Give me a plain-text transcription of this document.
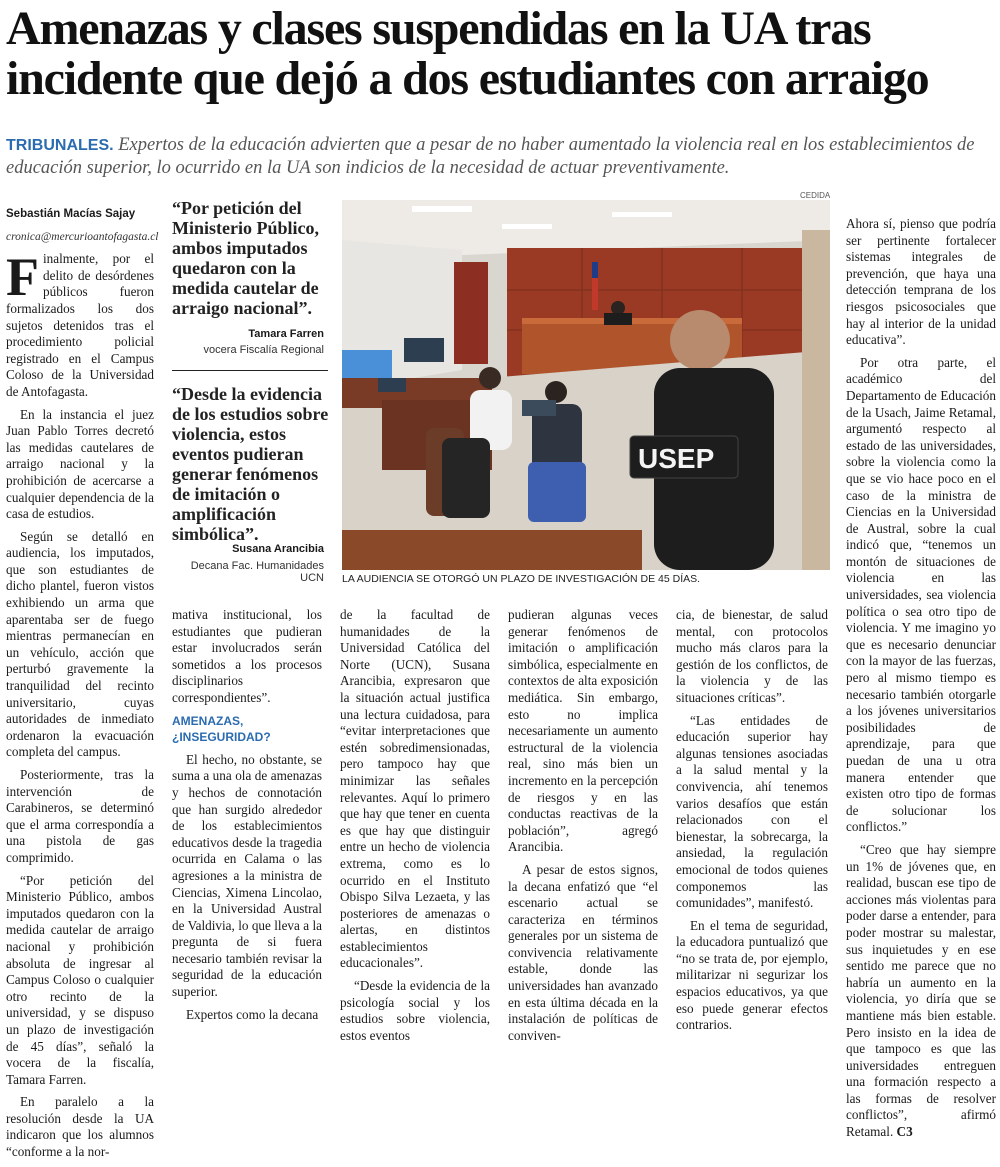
Amenazas y clases suspendidas en la UA tras incidente que dejó a dos estudiantes con arraigo

TRIBUNALES. Expertos de la educación advierten que a pesar de no haber aumentado la violencia real en los establecimientos de educación superior, lo ocurrido en la UA son indicios de la necesidad de actuar preventivamente.

Sebastián Macías Sajay

cronica@mercurioantofagasta.cl

Finalmente, por el delito de desórdenes públicos fueron formalizados los dos sujetos detenidos tras el procedimiento policial registrado en el Campus Coloso de la Universidad de Antofagasta.

En la instancia el juez Juan Pablo Torres decretó las medidas cautelares de arraigo nacional y la prohibición de acercarse a cualquier dependencia de la casa de estudios.

Según se detalló en audiencia, los imputados, que son estudiantes de dicho plantel, fueron vistos exhibiendo un arma que aparentaba ser de fuego mientras permanecían en un vehículo, acción que perturbó gravemente la tranquilidad del recinto universitario, cuyas autoridades de inmediato ordenaron la evacuación completa del campus.

Posteriormente, tras la intervención de Carabineros, se determinó que el arma correspondía a una pistola de gas comprimido.

“Por petición del Ministerio Público, ambos imputados quedaron con la medida cautelar de arraigo nacional y prohibición absoluta de ingresar al Campus Coloso o cualquier otro recinto de la universidad, y se dispuso un plazo de investigación de 45 días”, señaló la vocera de la fiscalía, Tamara Farren.

En paralelo a la resolución desde la UA indicaron que los alumnos “conforme a la nor-

“Por petición del Ministerio Público, ambos imputados quedaron con la medida cautelar de arraigo nacional”.
Tamara Farren
vocera Fiscalía Regional
“Desde la evidencia de los estudios sobre violencia, estos eventos pudieran generar fenómenos de imitación o amplificación simbólica”.
Susana Arancibia
Decana Fac. Humanidades UCN
CEDIDA
USEP
LA AUDIENCIA SE OTORGÓ UN PLAZO DE INVESTIGACIÓN DE 45 DÍAS.

mativa institucional, los estudiantes que pudieran estar involucrados serán sometidos a los procesos disciplinarios correspondientes”.

AMENAZAS, ¿INSEGURIDAD?

El hecho, no obstante, se suma a una ola de amenazas y hechos de connotación que han surgido alrededor de los establecimientos educativos desde la tragedia ocurrida en Calama o las agresiones a la ministra de Ciencias, Ximena Lincolao, en la Universidad Austral de Valdivia, lo que lleva a la pregunta de si fuera necesario también revisar la seguridad de la educación superior.

Expertos como la decana

de la facultad de humanidades de la Universidad Católica del Norte (UCN), Susana Arancibia, expresaron que la situación actual justifica una lectura cuidadosa, para “evitar interpretaciones que estén sobredimensionadas, pero tampoco hay que minimizar las señales relevantes. Aquí lo primero que hay que tener en cuenta es que hay que distinguir entre un hecho de violencia extrema, como es lo ocurrido en el Instituto Obispo Silva Lezaeta, y las posteriores de amenazas o alertas, en distintos establecimientos educacionales”.

“Desde la evidencia de la psicología social y los estudios sobre violencia, estos eventos

pudieran algunas veces generar fenómenos de imitación o amplificación simbólica, especialmente en contextos de alta exposición mediática. Sin embargo, esto no implica necesariamente un aumento estructural de la violencia real, sino más bien un incremento en la percepción de riesgos y en las conductas reactivas de la población”, agregó Arancibia.

A pesar de estos signos, la decana enfatizó que “el escenario actual se caracteriza en términos generales por un sistema de convivencia relativamente estable, donde las universidades han avanzado en esta última década en la instalación de políticas de conviven-

cia, de bienestar, de salud mental, con protocolos mucho más claros para la gestión de los conflictos, de la violencia y de las situaciones críticas”.

“Las entidades de educación superior hay algunas tensiones asociadas a la salud mental y la convivencia, ahí tenemos varios desafíos que están relacionados con el bienestar, la sobrecarga, la ansiedad, la regulación emocional de todos quienes componemos las comunidades”, manifestó.

En el tema de seguridad, la educadora puntualizó que “no se trata de, por ejemplo, militarizar ni segurizar los espacios educativos, ya que eso puede generar efectos contrarios.

Ahora sí, pienso que podría ser pertinente fortalecer sistemas integrales de prevención, que haya una detección temprana de los riesgos psicosociales que hay al interior de la unidad educativa”.

Por otra parte, el académico del Departamento de Educación de la Usach, Jaime Retamal, argumentó respecto al estado de las universidades, sobre la violencia como la que se vio hace poco en el caso de la ministra de Ciencias en la Universidad de Austral, sobre la cual indicó que, “tenemos un montón de situaciones de violencia en las universidades, sea violencia política o sea otro tipo de violencia. Y me imagino yo que es necesario denunciar con la mayor de las fuerzas, pero al mismo tiempo es necesario también otorgarle a los jóvenes universitarios posibilidades de aprendizaje, para que puedan de una u otra manera entender que existen otro tipo de formas de solucionar los conflictos.”

“Creo que hay siempre un 1% de jóvenes que, en realidad, buscan ese tipo de acciones más violentas para poder darse a entender, para poder mostrar su malestar, sus inquietudes y en ese sentido me parece que no habría un aumento en la violencia, yo diría que se mantiene más bien estable. Pero insisto en la idea de que tampoco es que las universidades entreguen una formación respecto a las formas de resolver conflictos”, afirmó Retamal. C3
